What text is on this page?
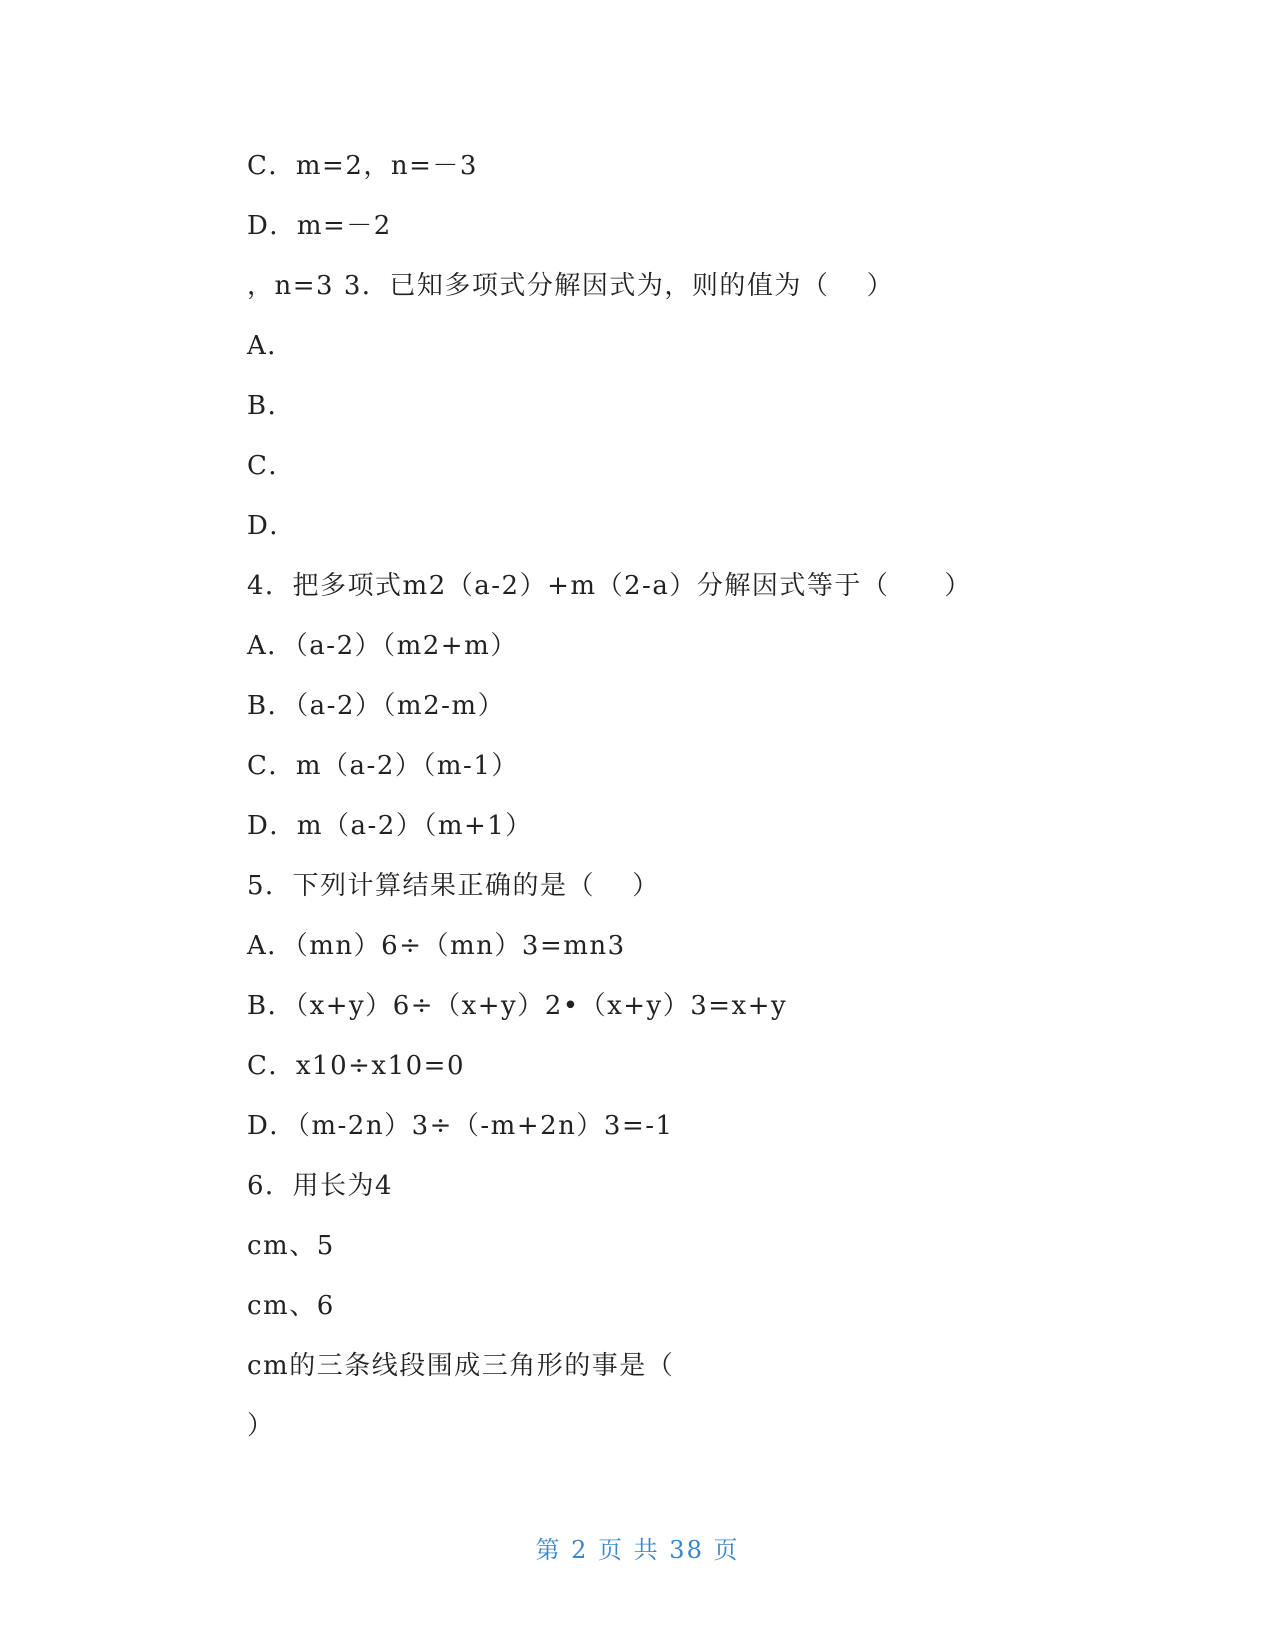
C．m=2，n=－3
D．m=－2
，n=3 3．已知多项式分解因式为，则的值为（　 ）
A．
B．
C．
D．
4．把多项式m2（a-2）+m（2-a）分解因式等于（　　）
A．（a-2）（m2+m）
B．（a-2）（m2-m）
C．m（a-2）（m-1）
D．m（a-2）（m+1）
5．下列计算结果正确的是（　 ）
A．（mn）6÷（mn）3=mn3
B．（x+y）6÷（x+y）2•（x+y）3=x+y
C．x10÷x10=0
D．（m-2n）3÷（-m+2n）3=-1
6．用长为4
cm、5
cm、6
cm的三条线段围成三角形的事是（
）
第 2 页 共 38 页
